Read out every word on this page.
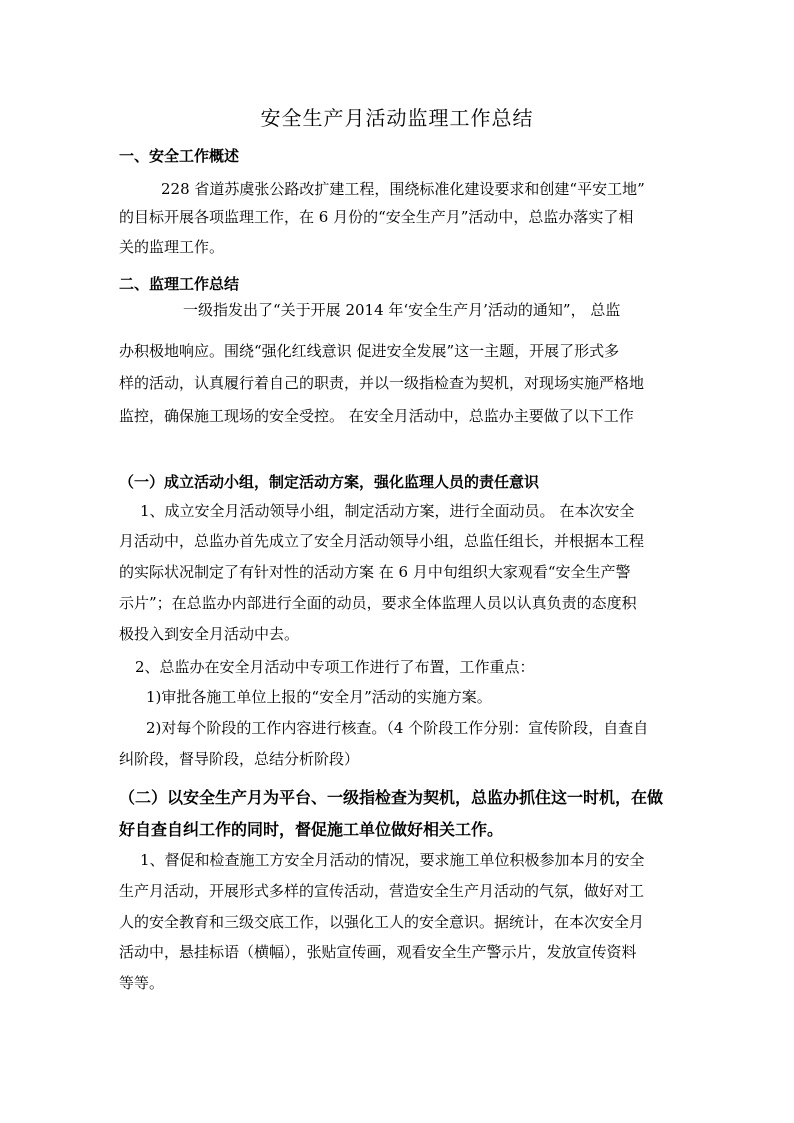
安全生产月活动监理工作总结
一、安全工作概述
228 省道苏虞张公路改扩建工程，围绕标准化建设要求和创建“平安工地”
的目标开展各项监理工作，在 6 月份的“安全生产月”活动中，总监办落实了相
关的监理工作。
二、监理工作总结
一级指发出了“关于开展 2014 年‘安全生产月’活动的通知”， 总监
办积极地响应。围绕“强化红线意识 促进安全发展”这一主题，开展了形式多
样的活动，认真履行着自己的职责，并以一级指检查为契机，对现场实施严格地
监控，确保施工现场的安全受控。 在安全月活动中，总监办主要做了以下工作
（一）成立活动小组，制定活动方案，强化监理人员的责任意识
1、成立安全月活动领导小组，制定活动方案，进行全面动员。 在本次安全
月活动中，总监办首先成立了安全月活动领导小组，总监任组长，并根据本工程
的实际状况制定了有针对性的活动方案 在 6 月中旬组织大家观看“安全生产警
示片”；在总监办内部进行全面的动员，要求全体监理人员以认真负责的态度积
极投入到安全月活动中去。
2、总监办在安全月活动中专项工作进行了布置，工作重点：
1)审批各施工单位上报的“安全月”活动的实施方案。
2)对每个阶段的工作内容进行核查。（4 个阶段工作分别：宣传阶段，自查自
纠阶段，督导阶段，总结分析阶段）
（二）以安全生产月为平台、一级指检查为契机，总监办抓住这一时机，在做
好自查自纠工作的同时，督促施工单位做好相关工作。
1、督促和检查施工方安全月活动的情况，要求施工单位积极参加本月的安全
生产月活动，开展形式多样的宣传活动，营造安全生产月活动的气氛，做好对工
人的安全教育和三级交底工作，以强化工人的安全意识。据统计，在本次安全月
活动中，悬挂标语（横幅），张贴宣传画，观看安全生产警示片，发放宣传资料
等等。
